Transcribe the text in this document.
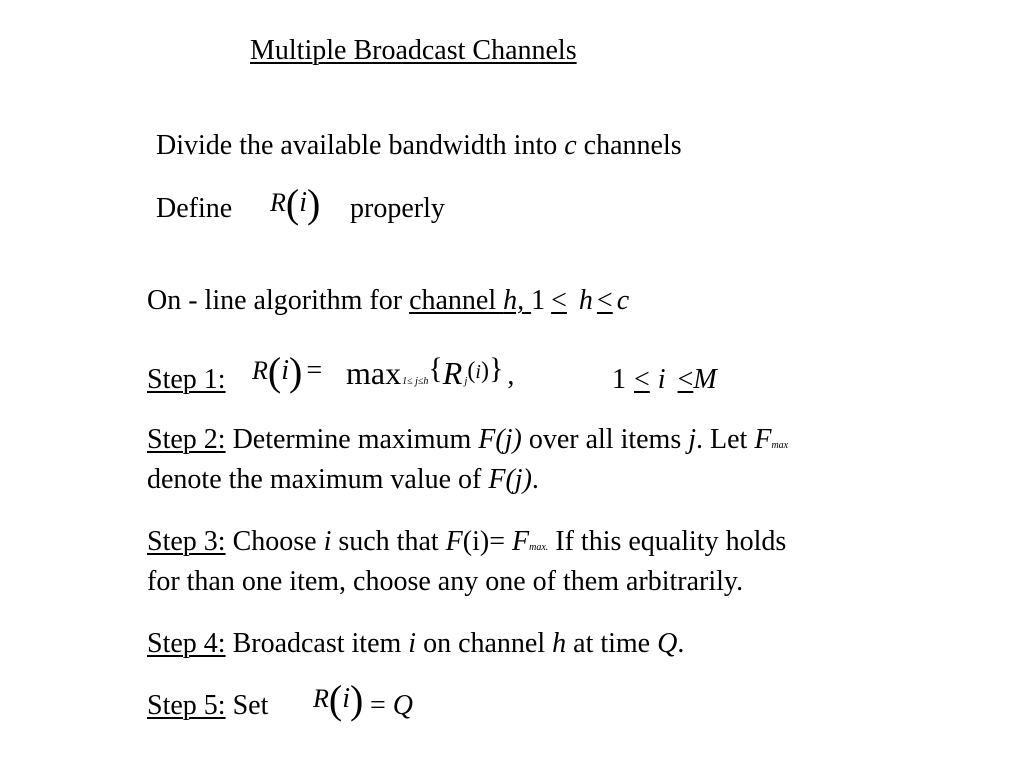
Multiple Broadcast Channels
Divide the available bandwidth into c channels
Define R(i) properly
On - line algorithm for channel h, 1 ≤ h ≤ c
Step 1: R(i) = max1≤ j≤h{R j(i)} ,	1 ≤ i ≤M
Step 2: Determine maximum F(j) over all items j. Let Fmax
denote the maximum value of F(j).
Step 3: Choose i such that F(i)= Fmax. If this equality holds
for than one item, choose any one of them arbitrarily.
Step 4: Broadcast item i on channel h at time Q.
Step 5: Set R(i) = Q
